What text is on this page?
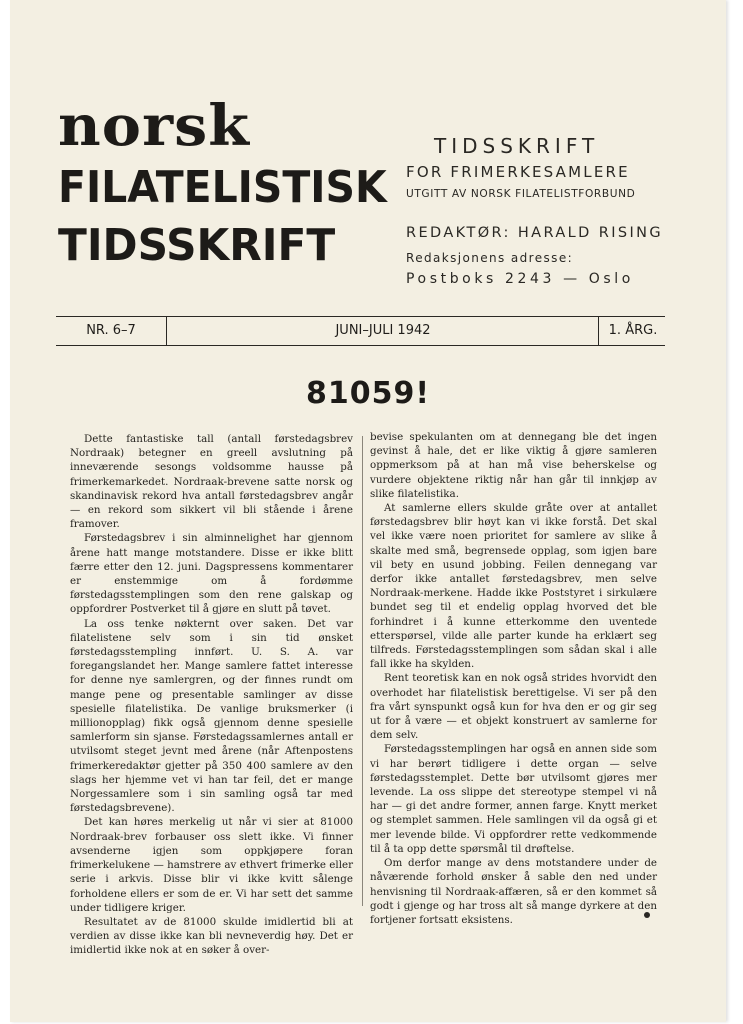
norsk
FILATELISTISK
TIDSSKRIFT
TIDSSKRIFT
FOR FRIMERKESAMLERE
UTGITT AV NORSK FILATELISTFORBUND
REDAKTØR: HARALD RISING
Redaksjonens adresse:
Postboks 2243 — Oslo
NR. 6–7	JUNI–JULI 1942	1. ÅRG.
81059!

Dette fantastiske tall (antall førstedagsbrev Nordraak) betegner en greell avslutning på inneværende sesongs voldsomme hausse på frimerkemarkedet. Nordraak-brevene satte norsk og skandinavisk rekord hva antall førstedagsbrev angår — en rekord som sikkert vil bli stående i årene framover.

Førstedagsbrev i sin alminnelighet har gjennom årene hatt mange motstandere. Disse er ikke blitt færre etter den 12. juni. Dagspressens kommentarer er enstemmige om å fordømme førstedagsstemplingen som den rene galskap og oppfordrer Postverket til å gjøre en slutt på tøvet.

La oss tenke nøkternt over saken. Det var filatelistene selv som i sin tid ønsket førstedagsstempling innført. U. S. A. var foregangslandet her. Mange samlere fattet interesse for denne nye samlergren, og der finnes rundt om mange pene og presentable samlinger av disse spesielle filatelistika. De vanlige bruksmerker (i millionopplag) fikk også gjennom denne spesielle samlerform sin sjanse. Førstedagssamlernes antall er utvilsomt steget jevnt med årene (når Aftenpostens frimerkeredaktør gjetter på 350 400 samlere av den slags her hjemme vet vi han tar feil, det er mange Norgessamlere som i sin samling også tar med førstedagsbrevene).

Det kan høres merkelig ut når vi sier at 81000 Nordraak-brev forbauser oss slett ikke. Vi finner avsenderne igjen som oppkjøpere foran frimerkelukene — hamstrere av ethvert frimerke eller serie i arkvis. Disse blir vi ikke kvitt sålenge forholdene ellers er som de er. Vi har sett det samme under tidligere kriger.

Resultatet av de 81000 skulde imidlertid bli at verdien av disse ikke kan bli nevneverdig høy. Det er imidlertid ikke nok at en søker å over-

bevise spekulanten om at dennegang ble det ingen gevinst å hale, det er like viktig å gjøre samleren oppmerksom på at han må vise beherskelse og vurdere objektene riktig når han går til innkjøp av slike filatelistika.

At samlerne ellers skulde gråte over at antallet førstedagsbrev blir høyt kan vi ikke forstå. Det skal vel ikke være noen prioritet for samlere av slike å skalte med små, begrensede opplag, som igjen bare vil bety en usund jobbing. Feilen dennegang var derfor ikke antallet førstedagsbrev, men selve Nordraak-merkene. Hadde ikke Poststyret i sirkulære bundet seg til et endelig opplag hvorved det ble forhindret i å kunne etterkomme den uventede etterspørsel, vilde alle parter kunde ha erklært seg tilfreds. Førstedagsstemplingen som sådan skal i alle fall ikke ha skylden.

Rent teoretisk kan en nok også strides hvorvidt den overhodet har filatelistisk berettigelse. Vi ser på den fra vårt synspunkt også kun for hva den er og gir seg ut for å være — et objekt konstruert av samlerne for dem selv.

Førstedagsstemplingen har også en annen side som vi har berørt tidligere i dette organ — selve førstedagsstemplet. Dette bør utvilsomt gjøres mer levende. La oss slippe det stereotype stempel vi nå har — gi det andre former, annen farge. Knytt merket og stemplet sammen. Hele samlingen vil da også gi et mer levende bilde. Vi oppfordrer rette vedkommende til å ta opp dette spørsmål til drøftelse.

Om derfor mange av dens motstandere under de nåværende forhold ønsker å sable den ned under henvisning til Nordraak-affæren, så er den kommet så godt i gjenge og har tross alt så mange dyrkere at den fortjener fortsatt eksistens.
